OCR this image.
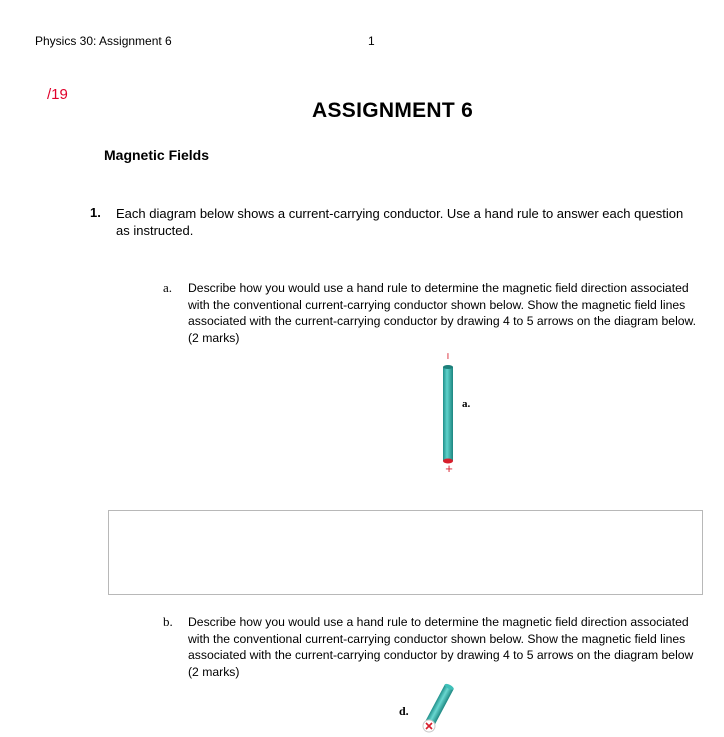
Physics 30: Assignment 6	1
/19
ASSIGNMENT 6
Magnetic Fields
1. Each diagram below shows a current-carrying conductor. Use a hand rule to answer each question as instructed.
a. Describe how you would use a hand rule to determine the magnetic field direction associated with the conventional current-carrying conductor shown below. Show the magnetic field lines associated with the current-carrying conductor by drawing 4 to 5 arrows on the diagram below. (2 marks)
−
+
a.
b. Describe how you would use a hand rule to determine the magnetic field direction associated with the conventional current-carrying conductor shown below. Show the magnetic field lines associated with the current-carrying conductor by drawing 4 to 5 arrows on the diagram below (2 marks)
d.
